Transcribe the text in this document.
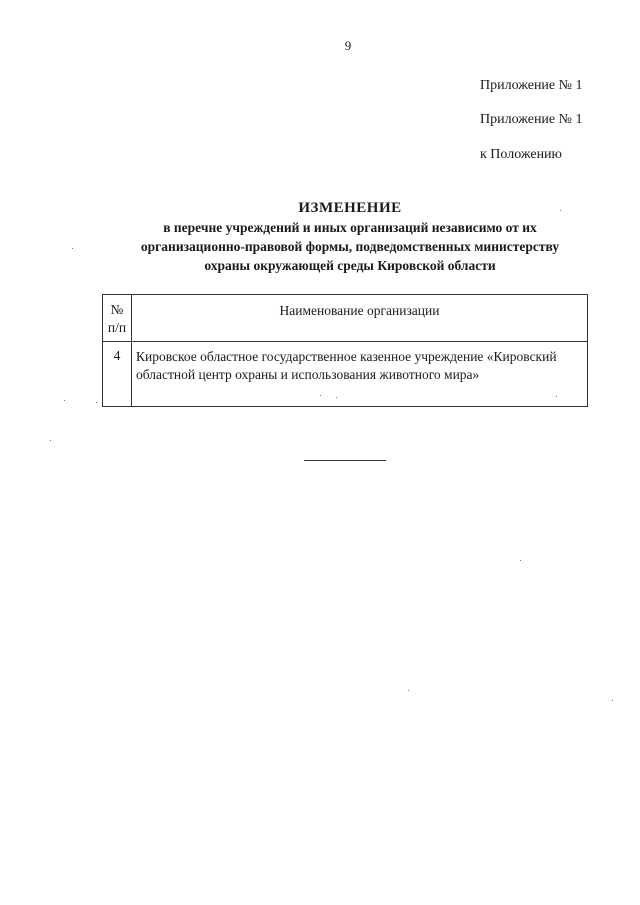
9
Приложение № 1
Приложение № 1
к Положению
ИЗМЕНЕНИЕ
в перечне учреждений и иных организаций независимо от их
организационно-правовой формы, подведомственных министерству
охраны окружающей среды Кировской области
№
п/п	Наименование организации
4	Кировское областное государственное казенное учреждение «Кировский областной центр охраны и использования животного мира»
